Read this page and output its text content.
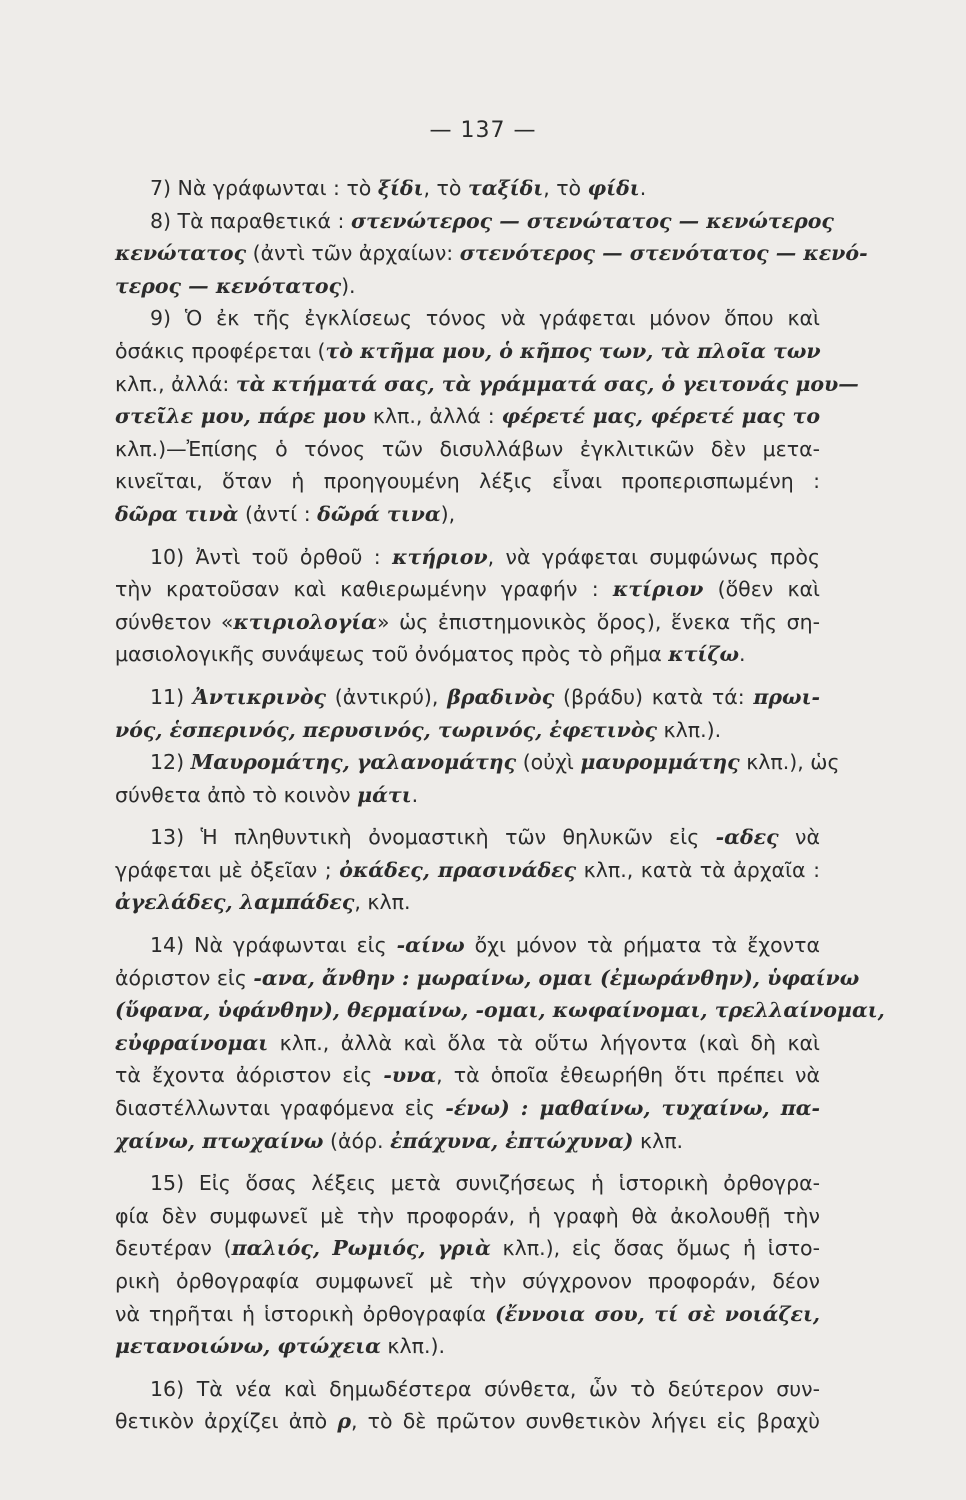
— 137 —
7) Νὰ γράφωνται : τὸ ξίδι, τὸ ταξίδι, τὸ φίδι.
8) Τὰ παραθετικά : στενώτερος — στενώτατος — κενώτερος
κενώτατος (ἀντὶ τῶν ἀρχαίων: στενότερος — στενότατος — κενό-
τερος — κενότατος).
9) Ὁ ἐκ τῆς ἐγκλίσεως τόνος νὰ γράφεται μόνον ὅπου καὶ
ὁσάκις προφέρεται (τὸ κτῆμα μου, ὁ κῆπος των, τὰ πλοῖα των
κλπ., ἀλλά: τὰ κτήματά σας, τὰ γράμματά σας, ὁ γειτονάς μου—
στεῖλε μου, πάρε μου κλπ., ἀλλά : φέρετέ μας, φέρετέ μας το
κλπ.)—Ἐπίσης ὁ τόνος τῶν δισυλλάβων ἐγκλιτικῶν δὲν μετα-
κινεῖται, ὅταν ἡ προηγουμένη λέξις εἶναι προπερισπωμένη :
δῶρα τινὰ (ἀντί : δῶρά τινα),
10) Ἀντὶ τοῦ ὀρθοῦ : κτήριον, νὰ γράφεται συμφώνως πρὸς
τὴν κρατοῦσαν καὶ καθιερωμένην γραφήν : κτίριον (ὅθεν καὶ
σύνθετον «κτιριολογία» ὡς ἐπιστημονικὸς ὅρος), ἕνεκα τῆς ση-
μασιολογικῆς συνάψεως τοῦ ὀνόματος πρὸς τὸ ρῆμα κτίζω.
11) Ἀντικρινὸς (ἀντικρύ), βραδινὸς (βράδυ) κατὰ τά: πρωι-
νός, ἑσπερινός, περυσινός, τωρινός, ἐφετινὸς κλπ.).
12) Μαυρομάτης, γαλανομάτης (οὐχὶ μαυρομμάτης κλπ.), ὡς
σύνθετα ἀπὸ τὸ κοινὸν μάτι.
13) Ἡ πληθυντικὴ ὀνομαστικὴ τῶν θηλυκῶν εἰς -αδες νὰ
γράφεται μὲ ὀξεῖαν ; ὀκάδες, πρασινάδες κλπ., κατὰ τὰ ἀρχαῖα :
ἀγελάδες, λαμπάδες, κλπ.
14) Νὰ γράφωνται εἰς -αίνω ὄχι μόνον τὰ ρήματα τὰ ἔχοντα
ἀόριστον εἰς -ανα, ἄνθην : μωραίνω, ομαι (ἐμωράνθην), ὑφαίνω
(ὕφανα, ὑφάνθην), θερμαίνω, -ομαι, κωφαίνομαι, τρελλαίνομαι,
εὐφραίνομαι κλπ., ἀλλὰ καὶ ὅλα τὰ οὕτω λήγοντα (καὶ δὴ καὶ
τὰ ἔχοντα ἀόριστον εἰς -υνα, τὰ ὁποῖα ἐθεωρήθη ὅτι πρέπει νὰ
διαστέλλωνται γραφόμενα εἰς -ένω) : μαθαίνω, τυχαίνω, πα-
χαίνω, πτωχαίνω (ἀόρ. ἐπάχυνα, ἐπτώχυνα) κλπ.
15) Εἰς ὅσας λέξεις μετὰ συνιζήσεως ἡ ἱστορικὴ ὀρθογρα-
φία δὲν συμφωνεῖ μὲ τὴν προφοράν, ἡ γραφὴ θὰ ἀκολουθῇ τὴν
δευτέραν (παλιός, Ρωμιός, γριὰ κλπ.), εἰς ὅσας ὅμως ἡ ἱστο-
ρικὴ ὀρθογραφία συμφωνεῖ μὲ τὴν σύγχρονον προφοράν, δέον
νὰ τηρῆται ἡ ἱστορικὴ ὀρθογραφία (ἔννοια σου, τί σὲ νοιάζει,
μετανοιώνω, φτώχεια κλπ.).
16) Τὰ νέα καὶ δημωδέστερα σύνθετα, ὧν τὸ δεύτερον συν-
θετικὸν ἀρχίζει ἀπὸ ρ, τὸ δὲ πρῶτον συνθετικὸν λήγει εἰς βραχὺ
